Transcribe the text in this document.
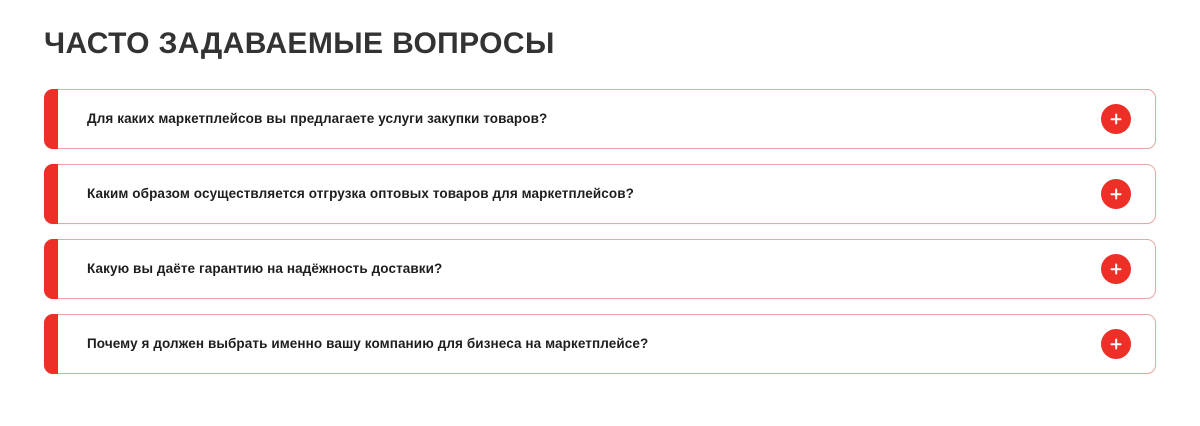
ЧАСТО ЗАДАВАЕМЫЕ ВОПРОСЫ
Для каких маркетплейсов вы предлагаете услуги закупки товаров?
Каким образом осуществляется отгрузка оптовых товаров для маркетплейсов?
Какую вы даёте гарантию на надёжность доставки?
Почему я должен выбрать именно вашу компанию для бизнеса на маркетплейсе?
